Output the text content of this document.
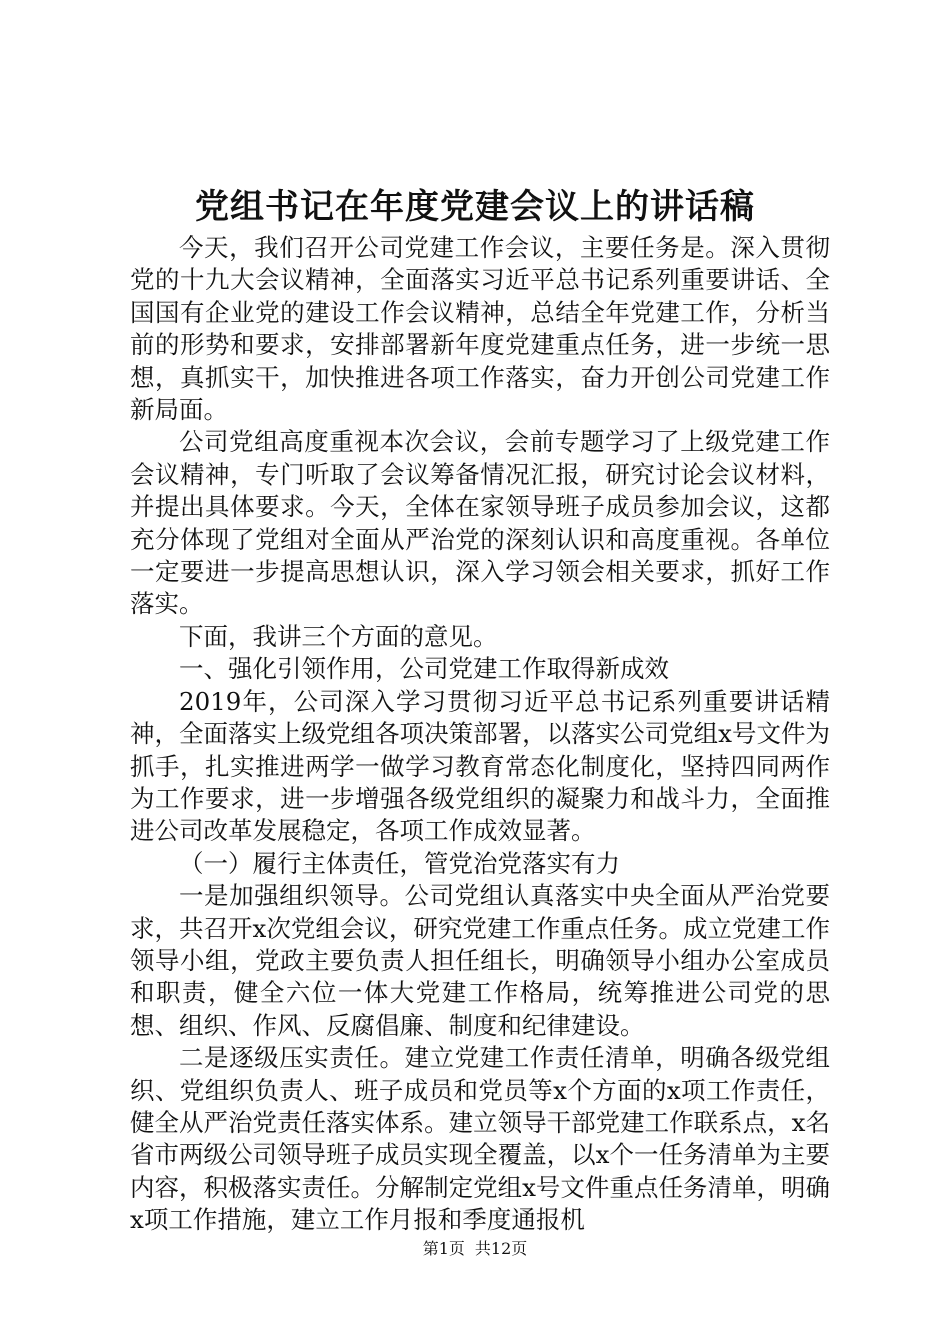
党组书记在年度党建会议上的讲话稿

今天，我们召开公司党建工作会议，主要任务是。深入贯彻党的十九大会议精神，全面落实习近平总书记系列重要讲话、全国国有企业党的建设工作会议精神，总结全年党建工作，分析当前的形势和要求，安排部署新年度党建重点任务，进一步统一思想，真抓实干，加快推进各项工作落实，奋力开创公司党建工作新局面。

公司党组高度重视本次会议，会前专题学习了上级党建工作会议精神，专门听取了会议筹备情况汇报，研究讨论会议材料，并提出具体要求。今天，全体在家领导班子成员参加会议，这都充分体现了党组对全面从严治党的深刻认识和高度重视。各单位一定要进一步提高思想认识，深入学习领会相关要求，抓好工作落实。

下面，我讲三个方面的意见。

一、强化引领作用，公司党建工作取得新成效

2019年，公司深入学习贯彻习近平总书记系列重要讲话精神，全面落实上级党组各项决策部署，以落实公司党组x号文件为抓手，扎实推进两学一做学习教育常态化制度化，坚持四同两作为工作要求，进一步增强各级党组织的凝聚力和战斗力，全面推进公司改革发展稳定，各项工作成效显著。

（一）履行主体责任，管党治党落实有力

一是加强组织领导。公司党组认真落实中央全面从严治党要求，共召开x次党组会议，研究党建工作重点任务。成立党建工作领导小组，党政主要负责人担任组长，明确领导小组办公室成员和职责，健全六位一体大党建工作格局，统筹推进公司党的思想、组织、作风、反腐倡廉、制度和纪律建设。

二是逐级压实责任。建立党建工作责任清单，明确各级党组织、党组织负责人、班子成员和党员等x个方面的x项工作责任，健全从严治党责任落实体系。建立领导干部党建工作联系点，x名省市两级公司领导班子成员实现全覆盖，以x个一任务清单为主要内容，积极落实责任。分解制定党组x号文件重点任务清单，明确x项工作措施，建立工作月报和季度通报机

第1页 共12页
